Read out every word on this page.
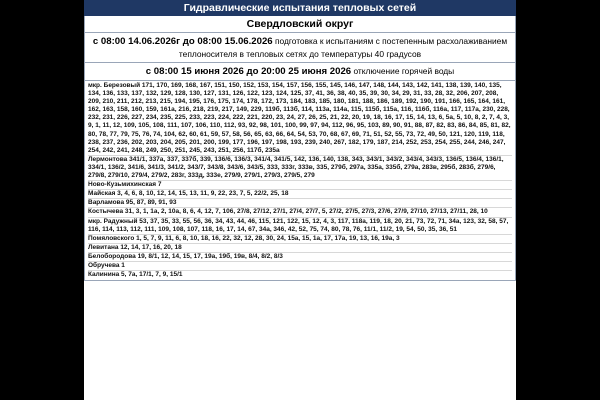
Гидравлические испытания тепловых сетей
Свердловский округ
с 08:00 14.06.2026г до 08:00 15.06.2026 подготовка к испытаниям с постепенным расхолаживанием теплоносителя в тепловых сетях до температуры 40 градусов
с 08:00 15 июня 2026 до 20:00 25 июня 2026 отключение горячей воды
мкр. Березовый 171, 170, 169, 168, 167, 151, 150, 152, 153, 154, 157, 156, 155, 145, 146, 147, 148, 144, 143, 142, 141, 138, 139, 140, 135, 134, 136, 133, 137, 132, 129, 128, 130, 127, 131, 126, 122, 123, 124, 125, 37, 41, 36, 38, 40, 35, 39, 30, 34, 29, 31, 33, 28, 32, 206, 207, 208, 209, 210, 211, 212, 213, 215, 194, 195, 176, 175, 174, 178, 172, 173, 184, 183, 185, 180, 181, 188, 186, 189, 192, 190, 191, 166, 165, 164, 161, 162, 163, 158, 160, 159, 161а, 216, 218, 219, 217, 149, 229, 119б, 113б, 114, 113а, 114а, 115, 115б, 115а, 116, 116б, 116а, 117, 117а, 230, 228, 232, 231, 226, 227, 234, 235, 225, 233, 223, 224, 222, 221, 220, 23, 24, 27, 26, 25, 21, 22, 20, 19, 18, 16, 17, 15, 14, 13, 6, 5а, 5, 10, 8, 2, 7, 4, 3, 9, 1, 11, 12, 109, 105, 108, 111, 107, 106, 110, 112, 93, 92, 98, 101, 100, 99, 97, 94, 112, 96, 95, 103, 89, 90, 91, 88, 87, 82, 83, 86, 84, 85, 81, 82, 80, 78, 77, 79, 75, 76, 74, 104, 62, 60, 61, 59, 57, 58, 56, 65, 63, 66, 64, 54, 53, 70, 68, 67, 69, 71, 51, 52, 55, 73, 72, 49, 50, 121, 120, 119, 118, 238, 237, 236, 202, 203, 204, 205, 201, 200, 199, 177, 196, 197, 198, 193, 239, 240, 267, 182, 179, 187, 214, 252, 253, 254, 255, 244, 246, 247, 254, 242, 241, 248, 249, 250, 251, 245, 243, 251, 256, 117б, 235а
Лермонтова 341/1, 337а, 337, 337б, 339, 136/6, 136/3, 341/4, 341/5, 142, 136, 140, 138, 343, 343/1, 343/2, 343/4, 343/3, 136/5, 136/4, 136/1, 334/1, 136/2, 341/6, 341/3, 341/2, 343/7, 343/8, 343/6, 343/5, 333, 333г, 333в, 335, 279б, 297а, 335а, 335б, 279а, 283в, 295б, 283б, 279/6, 279/8, 279/10, 279/4, 279/2, 283г, 333д, 333е, 279/9, 279/1, 279/3, 279/5, 279
Ново-Кузьмихинская 7
Майская 3, 4, 6, 8, 10, 12, 14, 15, 13, 11, 9, 22, 23, 7, 5, 22/2, 25, 18
Варламова 95, 87, 89, 91, 93
Костычева 31, 3, 1, 1а, 2, 10а, 8, 6, 4, 12, 7, 106, 27/8, 27/12, 27/1, 27/4, 27/7, 5, 27/2, 27/5, 27/3, 27/6, 27/9, 27/10, 27/13, 27/11, 28, 10
мкр. Радужный 53, 37, 35, 33, 55, 56, 36, 34, 43, 44, 46, 115, 121, 122, 15, 12, 4, 3, 117, 118а, 119, 18, 20, 21, 73, 72, 71, 34а, 123, 32, 58, 57, 116, 114, 113, 112, 111, 109, 108, 107, 118, 16, 17, 14, 67, 34а, 346, 42, 52, 75, 74, 80, 78, 76, 11/1, 11/2, 19, 54, 50, 35, 36, 51
Помяловского 1, 5, 7, 9, 11, 6, 8, 10, 18, 16, 22, 32, 12, 28, 30, 24, 15а, 15, 1а, 17, 17а, 19, 13, 16, 19а, 3
Левитана 12, 14, 17, 16, 20, 18
Белобородова 19, 8/1, 12, 14, 15, 17, 19а, 19б, 19в, 8/4, 8/2, 8/3
Обручева 1
Калинина 5, 7а, 17/1, 7, 9, 15/1
